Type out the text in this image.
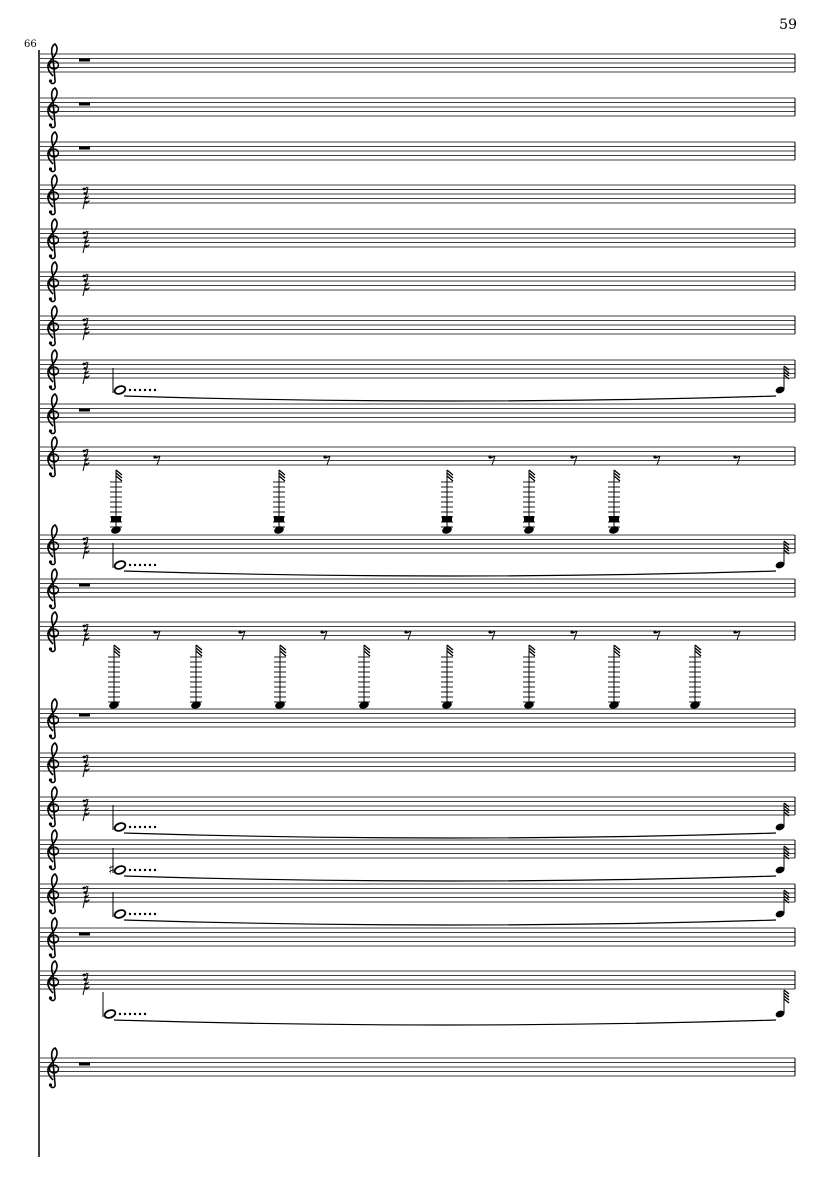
59
66
♯
